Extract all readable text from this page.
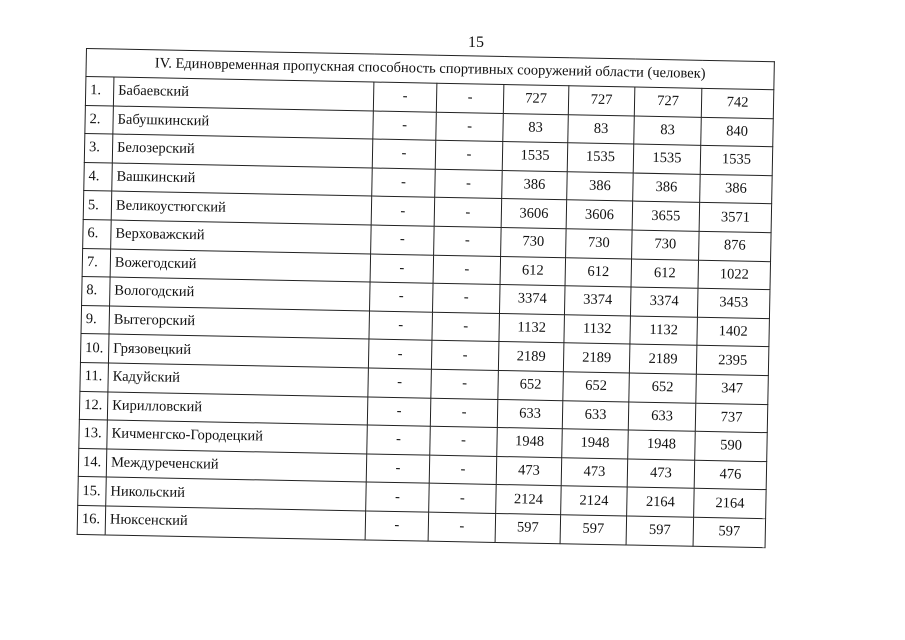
15
IV. Единовременная пропускная способность спортивных сооружений области (человек)							
1.	Бабаевский	-	-	727	727	727	742
2.	Бабушкинский	-	-	83	83	83	840
3.	Белозерский	-	-	1535	1535	1535	1535
4.	Вашкинский	-	-	386	386	386	386
5.	Великоустюгский	-	-	3606	3606	3655	3571
6.	Верховажский	-	-	730	730	730	876
7.	Вожегодский	-	-	612	612	612	1022
8.	Вологодский	-	-	3374	3374	3374	3453
9.	Вытегорский	-	-	1132	1132	1132	1402
10.	Грязовецкий	-	-	2189	2189	2189	2395
11.	Кадуйский	-	-	652	652	652	347
12.	Кирилловский	-	-	633	633	633	737
13.	Кичменгско-Городецкий	-	-	1948	1948	1948	590
14.	Междуреченский	-	-	473	473	473	476
15.	Никольский	-	-	2124	2124	2164	2164
16.	Нюксенский	-	-	597	597	597	597
